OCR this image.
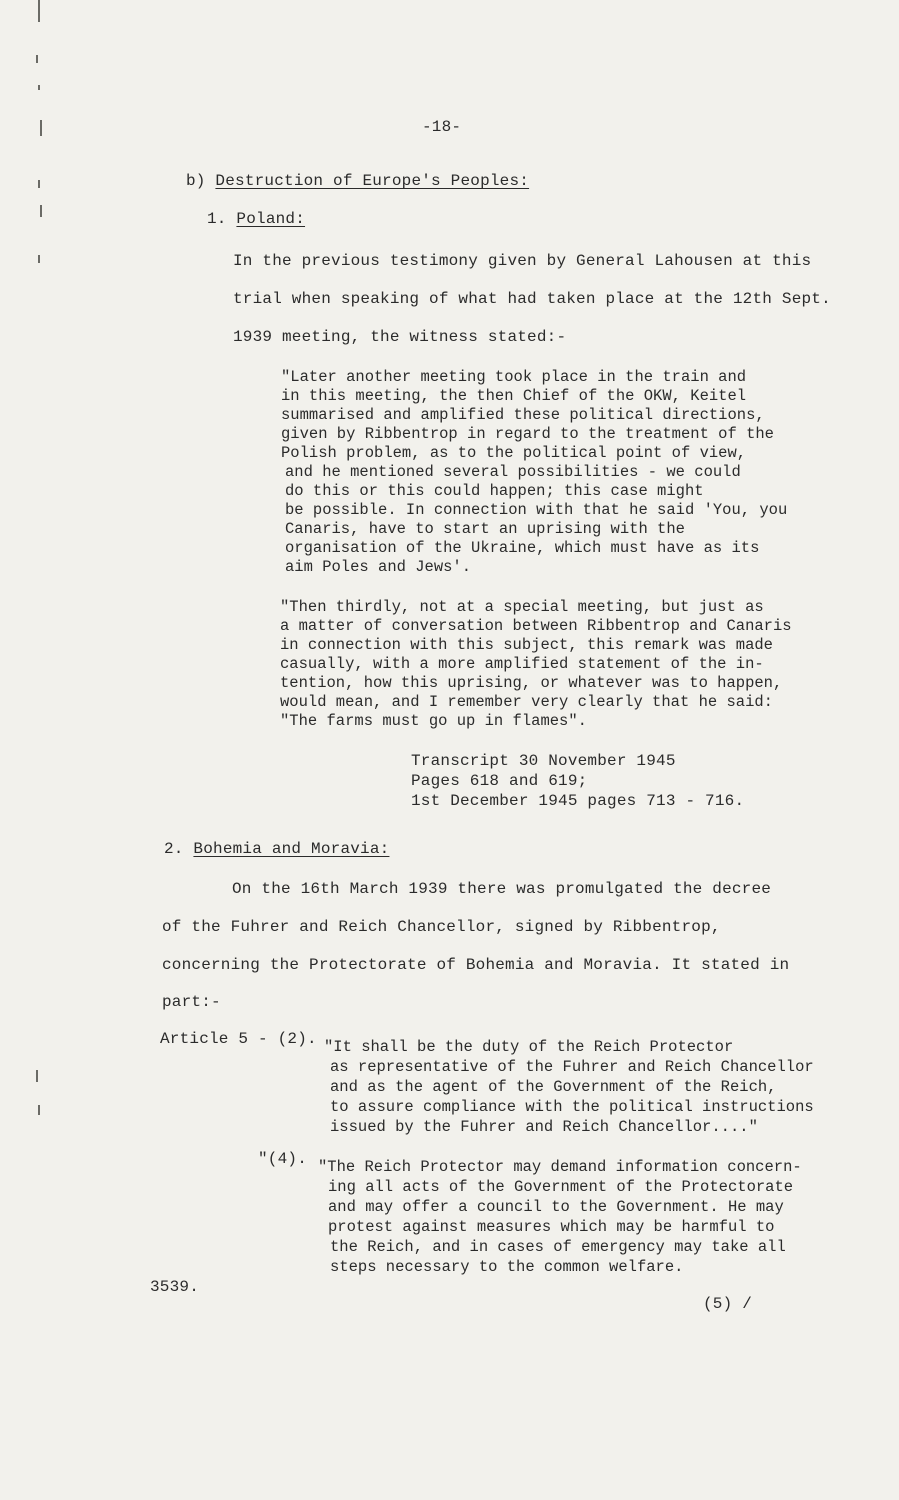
-18-
b) Destruction of Europe's Peoples:
1. Poland:
In the previous testimony given by General Lahousen at this
trial when speaking of what had taken place at the 12th Sept.
1939 meeting, the witness stated:-
"Later another meeting took place in the train and
in this meeting, the then Chief of the OKW, Keitel
summarised and amplified these political directions,
given by Ribbentrop in regard to the treatment of the
Polish problem, as to the political point of view,
and he mentioned several possibilities - we could
do this or this could happen; this case might
be possible. In connection with that he said 'You, you
Canaris, have to start an uprising with the
organisation of the Ukraine, which must have as its
aim Poles and Jews'.
"Then thirdly, not at a special meeting, but just as
a matter of conversation between Ribbentrop and Canaris
in connection with this subject, this remark was made
casually, with a more amplified statement of the in-
tention, how this uprising, or whatever was to happen,
would mean, and I remember very clearly that he said:
"The farms must go up in flames".
Transcript 30 November 1945
Pages 618 and 619;
1st December 1945 pages 713 - 716.
2. Bohemia and Moravia:
On the 16th March 1939 there was promulgated the decree
of the Fuhrer and Reich Chancellor, signed by Ribbentrop,
concerning the Protectorate of Bohemia and Moravia. It stated in
part:-
Article 5 - (2). "It shall be the duty of the Reich Protector
as representative of the Fuhrer and Reich Chancellor
and as the agent of the Government of the Reich,
to assure compliance with the political instructions
issued by the Fuhrer and Reich Chancellor...."
"(4). "The Reich Protector may demand information concern-
ing all acts of the Government of the Protectorate
and may offer a council to the Government. He may
protest against measures which may be harmful to
the Reich, and in cases of emergency may take all
steps necessary to the common welfare.
3539.
(5) /
